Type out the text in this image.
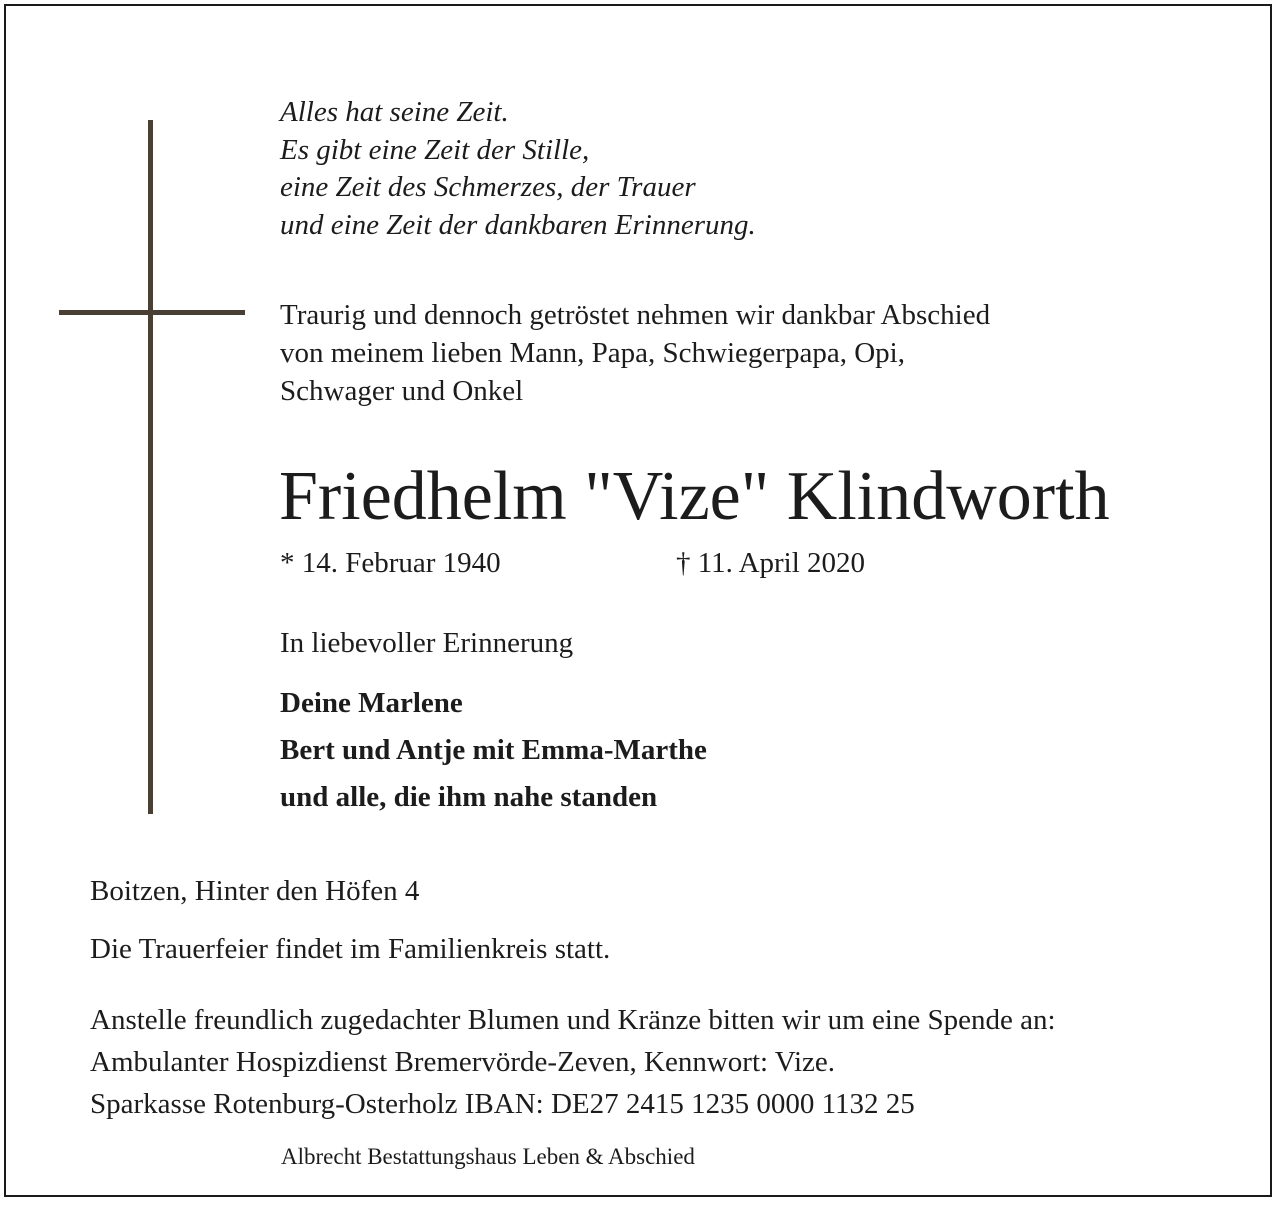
Alles hat seine Zeit.
Es gibt eine Zeit der Stille,
eine Zeit des Schmerzes, der Trauer
und eine Zeit der dankbaren Erinnerung.
Traurig und dennoch getröstet nehmen wir dankbar Abschied
von meinem lieben Mann, Papa, Schwiegerpapa, Opi,
Schwager und Onkel
Friedhelm "Vize" Klindworth
* 14. Februar 1940	† 11. April 2020
In liebevoller Erinnerung
Deine Marlene
Bert und Antje mit Emma-Marthe
und alle, die ihm nahe standen
Boitzen, Hinter den Höfen 4
Die Trauerfeier findet im Familienkreis statt.
Anstelle freundlich zugedachter Blumen und Kränze bitten wir um eine Spende an:
Ambulanter Hospizdienst Bremervörde-Zeven, Kennwort: Vize.
Sparkasse Rotenburg-Osterholz IBAN: DE27 2415 1235 0000 1132 25
Albrecht Bestattungshaus Leben & Abschied
